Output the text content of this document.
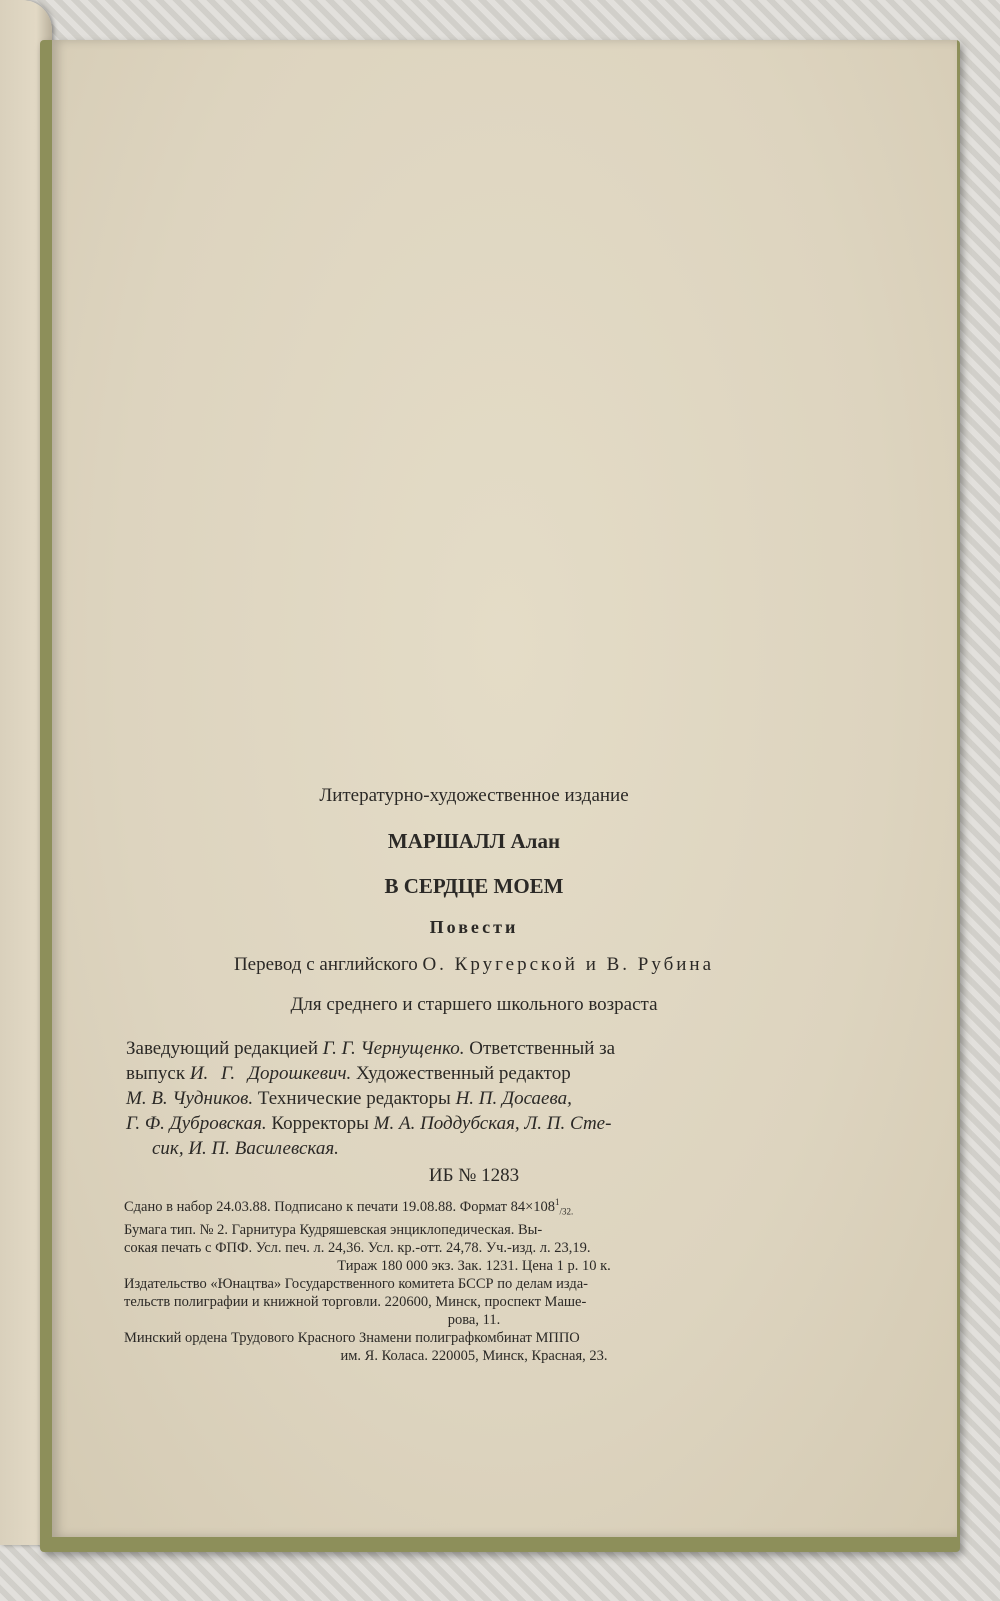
Литературно-художественное издание
МАРШАЛЛ Алан
В СЕРДЦЕ МОЕМ
Повести
Перевод с английского О. Кругерской и В. Рубина
Для среднего и старшего школьного возраста
Заведующий редакцией Г. Г. Чернущенко. Ответственный за
выпуск И. Г. Дорошкевич. Художественный редактор
М. В. Чудников. Технические редакторы Н. П. Досаева,
Г. Ф. Дубровская. Корректоры М. А. Поддубская, Л. П. Сте-
сик, И. П. Василевская.
ИБ № 1283
Сдано в набор 24.03.88. Подписано к печати 19.08.88. Формат $84\times 108^1_{/32.}$
Бумага тип. № 2. Гарнитура Кудряшевская энциклопедическая. Вы-
сокая печать с ФПФ. Усл. печ. л. 24,36. Усл. кр.-отт. 24,78. Уч.-изд. л. 23,19.
Тираж 180 000 экз. Зак. 1231. Цена 1 р. 10 к.
Издательство «Юнацтва» Государственного комитета БССР по делам изда-
тельств полиграфии и книжной торговли. 220600, Минск, проспект Маше-
рова, 11.
Минский ордена Трудового Красного Знамени полиграфкомбинат МППО
им. Я. Коласа. 220005, Минск, Красная, 23.
